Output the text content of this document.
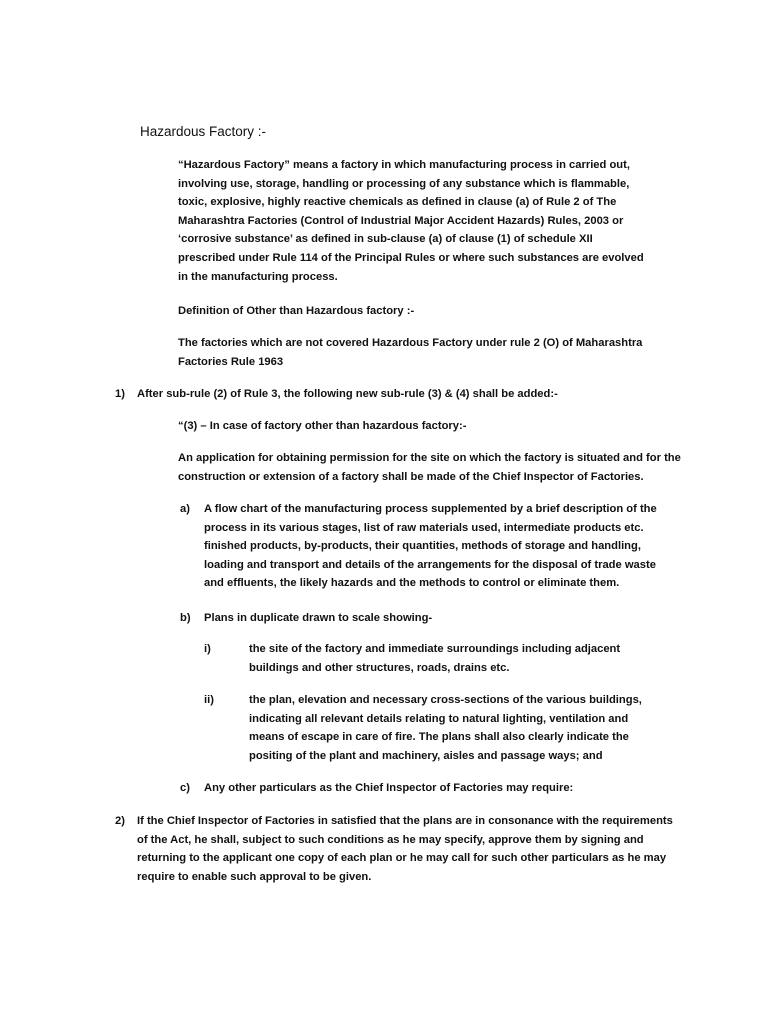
Hazardous Factory :-
“Hazardous Factory” means a factory in which manufacturing process in carried out, involving use, storage, handling or processing of any substance which is flammable, toxic, explosive, highly reactive chemicals as defined in clause (a) of Rule 2 of The Maharashtra Factories (Control of Industrial Major Accident Hazards) Rules, 2003 or ‘corrosive substance’ as defined in sub-clause (a) of clause (1) of schedule XII prescribed under Rule 114 of the Principal Rules or where such substances are evolved in the manufacturing process.
Definition of Other than Hazardous factory :-
The factories which are not covered Hazardous Factory under rule 2 (O) of Maharashtra Factories Rule 1963
1) After sub-rule (2) of Rule 3, the following new sub-rule (3) & (4) shall be added:-
“(3) – In case of factory other than hazardous factory:-
An application for obtaining permission for the site on which the factory is situated and for the construction or extension of a factory shall be made of the Chief Inspector of Factories.
a) A flow chart of the manufacturing process supplemented by a brief description of the process in its various stages, list of raw materials used, intermediate products etc. finished products, by-products, their quantities, methods of storage and handling, loading and transport and details of the arrangements for the disposal of trade waste and effluents, the likely hazards and the methods to control or eliminate them.
b) Plans in duplicate drawn to scale showing-
i)	the site of the factory and immediate surroundings including adjacent buildings and other structures, roads, drains etc.
ii)	the plan, elevation and necessary cross-sections of the various buildings, indicating all relevant details relating to natural lighting, ventilation and means of escape in care of fire. The plans shall also clearly indicate the positing of the plant and machinery, aisles and passage ways; and
c) Any other particulars as the Chief Inspector of Factories may require:
2) If the Chief Inspector of Factories in satisfied that the plans are in consonance with the requirements of the Act, he shall, subject to such conditions as he may specify, approve them by signing and returning to the applicant one copy of each plan or he may call for such other particulars as he may require to enable such approval to be given.
